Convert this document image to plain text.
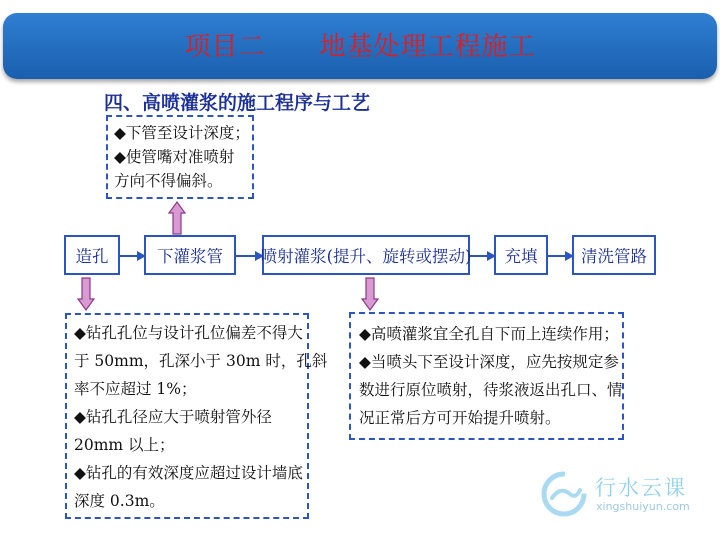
项目二　　地基处理工程施工
四、高喷灌浆的施工程序与工艺
◆下管至设计深度；
◆使管嘴对准喷射
方向不得偏斜。
造孔	下灌浆管	喷射灌浆(提升、旋转或摆动)	充填	清洗管路
◆钻孔孔位与设计孔位偏差不得大
于 50mm，孔深小于 30m 时，孔斜
率不应超过 1%；
◆钻孔孔径应大于喷射管外径
20mm 以上；
◆钻孔的有效深度应超过设计墙底
深度 0.3m。
◆高喷灌浆宜全孔自下而上连续作用；
◆当喷头下至设计深度，应先按规定参
数进行原位喷射，待浆液返出孔口、情
况正常后方可开始提升喷射。
行水云课
xingshuiyun.com
